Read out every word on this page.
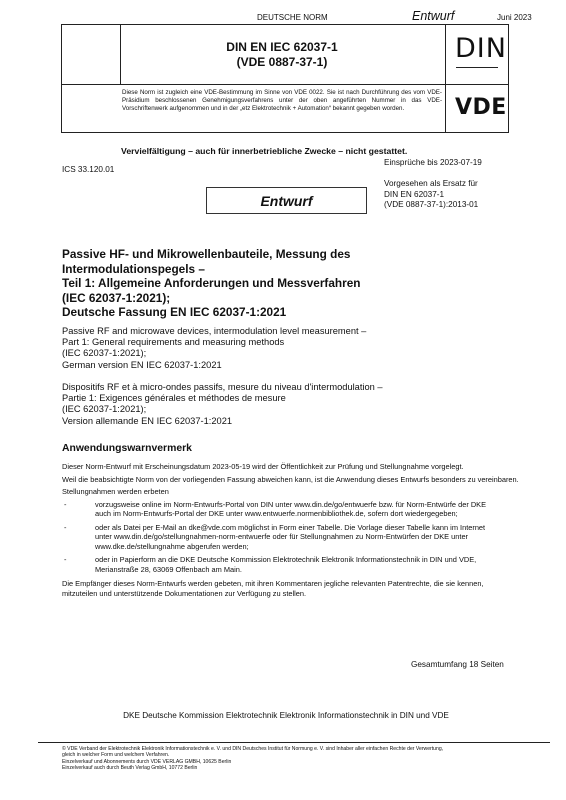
DEUTSCHE NORM	Entwurf	Juni 2023
DIN EN IEC 62037-1
(VDE 0887-37-1)	DIN
Diese Norm ist zugleich eine VDE-Bestimmung im Sinne von VDE 0022. Sie ist nach Durchführung des vom VDE-Präsidium beschlossenen Genehmigungsverfahrens unter der oben angeführten Nummer in das VDE-Vorschriftenwerk aufgenommen und in der „etz Elektrotechnik + Automation“ bekannt gegeben worden.	VDE
Vervielfältigung – auch für innerbetriebliche Zwecke – nicht gestattet.
ICS 33.120.01
Einsprüche bis 2023-07-19
Vorgesehen als Ersatz für
DIN EN 62037-1
(VDE 0887-37-1):2013-01
Entwurf
Passive HF- und Mikrowellenbauteile, Messung des
Intermodulationspegels –
Teil 1: Allgemeine Anforderungen und Messverfahren
(IEC 62037-1:2021);
Deutsche Fassung EN IEC 62037-1:2021
Passive RF and microwave devices, intermodulation level measurement –
Part 1: General requirements and measuring methods
(IEC 62037-1:2021);
German version EN IEC 62037-1:2021
Dispositifs RF et à micro-ondes passifs, mesure du niveau d'intermodulation –
Partie 1: Exigences générales et méthodes de mesure
(IEC 62037-1:2021);
Version allemande EN IEC 62037-1:2021
Anwendungswarnvermerk
Dieser Norm-Entwurf mit Erscheinungsdatum 2023-05-19 wird der Öffentlichkeit zur Prüfung und Stellungnahme vorgelegt.
Weil die beabsichtigte Norm von der vorliegenden Fassung abweichen kann, ist die Anwendung dieses Entwurfs besonders zu vereinbaren.
Stellungnahmen werden erbeten
-	vorzugsweise online im Norm-Entwurfs-Portal von DIN unter www.din.de/go/entwuerfe bzw. für Norm-Entwürfe der DKE auch im Norm-Entwurfs-Portal der DKE unter www.entwuerfe.normenbibliothek.de, sofern dort wiedergegeben;
-	oder als Datei per E-Mail an dke@vde.com möglichst in Form einer Tabelle. Die Vorlage dieser Tabelle kann im Internet unter www.din.de/go/stellungnahmen-norm-entwuerfe oder für Stellungnahmen zu Norm-Entwürfen der DKE unter www.dke.de/stellungnahme abgerufen werden;
-	oder in Papierform an die DKE Deutsche Kommission Elektrotechnik Elektronik Informationstechnik in DIN und VDE, Merianstraße 28, 63069 Offenbach am Main.
Die Empfänger dieses Norm-Entwurfs werden gebeten, mit ihren Kommentaren jegliche relevanten Patentrechte, die sie kennen, mitzuteilen und unterstützende Dokumentationen zur Verfügung zu stellen.
Gesamtumfang 18 Seiten
DKE Deutsche Kommission Elektrotechnik Elektronik Informationstechnik in DIN und VDE
© VDE Verband der Elektrotechnik Elektronik Informationstechnik e. V. und DIN Deutsches Institut für Normung e. V. sind Inhaber aller einfachen Rechte der Verwertung,
gleich in welcher Form und welchem Verfahren.
Einzelverkauf und Abonnements durch VDE VERLAG GMBH, 10625 Berlin
Einzelverkauf auch durch Beuth Verlag GmbH, 10772 Berlin
